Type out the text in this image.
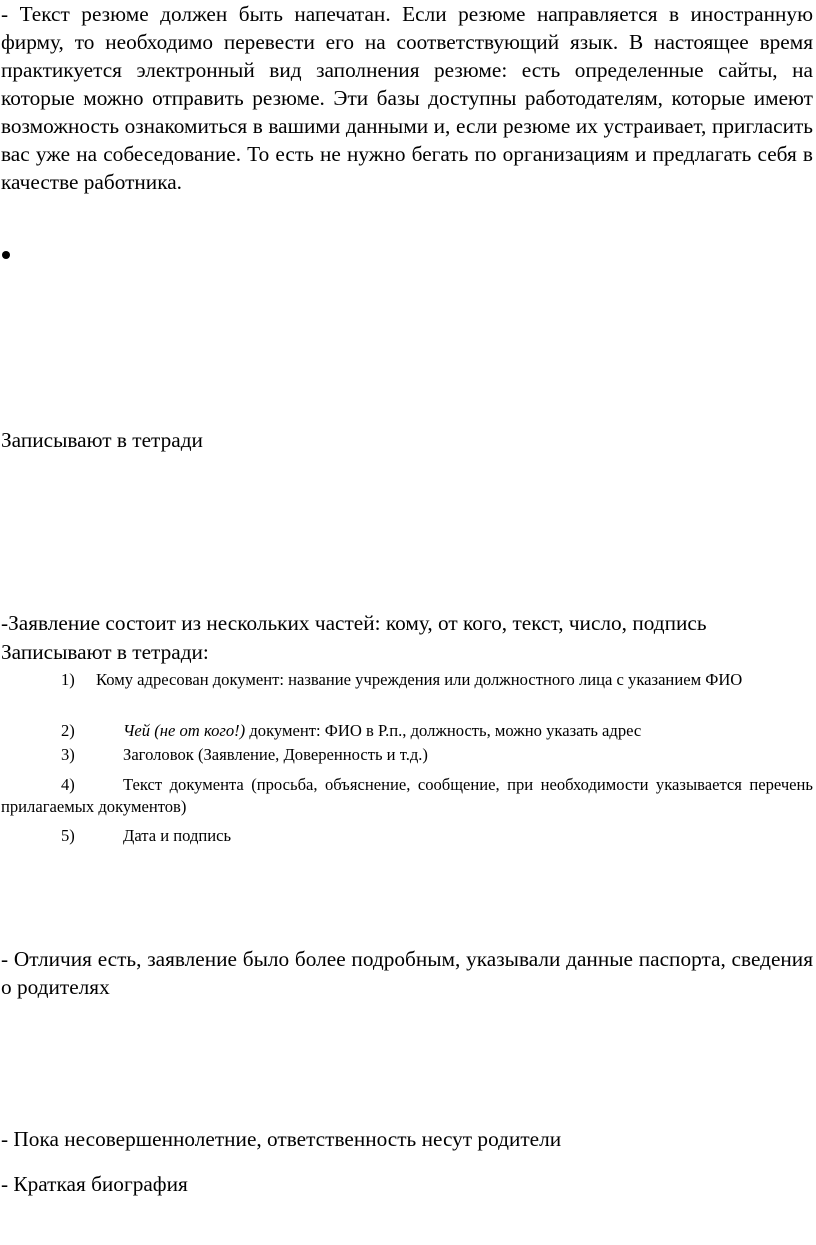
- Текст резюме должен быть напечатан. Если резюме направляется в иностранную фирму, то необходимо перевести его на соответствующий язык. В настоящее время практикуется электронный вид заполнения резюме: есть определенные сайты, на которые можно отправить резюме. Эти базы доступны работодателям, которые имеют возможность ознакомиться в вашими данными и, если резюме их устраивает, пригласить вас уже на собеседование. То есть не нужно бегать по организациям и предлагать себя в качестве работника.

Записывают в тетради

-Заявление состоит из нескольких частей: кому, от кого, текст, число, подпись

Записывают в тетради:

1) Кому адресован документ: название учреждения или должностного лица с указанием ФИО

2)	Чей (не от кого!) документ: ФИО в Р.п., должность, можно указать адрес

3)	Заголовок (Заявление, Доверенность и т.д.)

4)	Текст документа (просьба, объяснение, сообщение, при необходимости указывается перечень прилагаемых документов)

5)	Дата и подпись

- Отличия есть, заявление было более подробным, указывали данные паспорта, сведения о родителях

- Пока несовершеннолетние, ответственность несут родители

- Краткая биография
